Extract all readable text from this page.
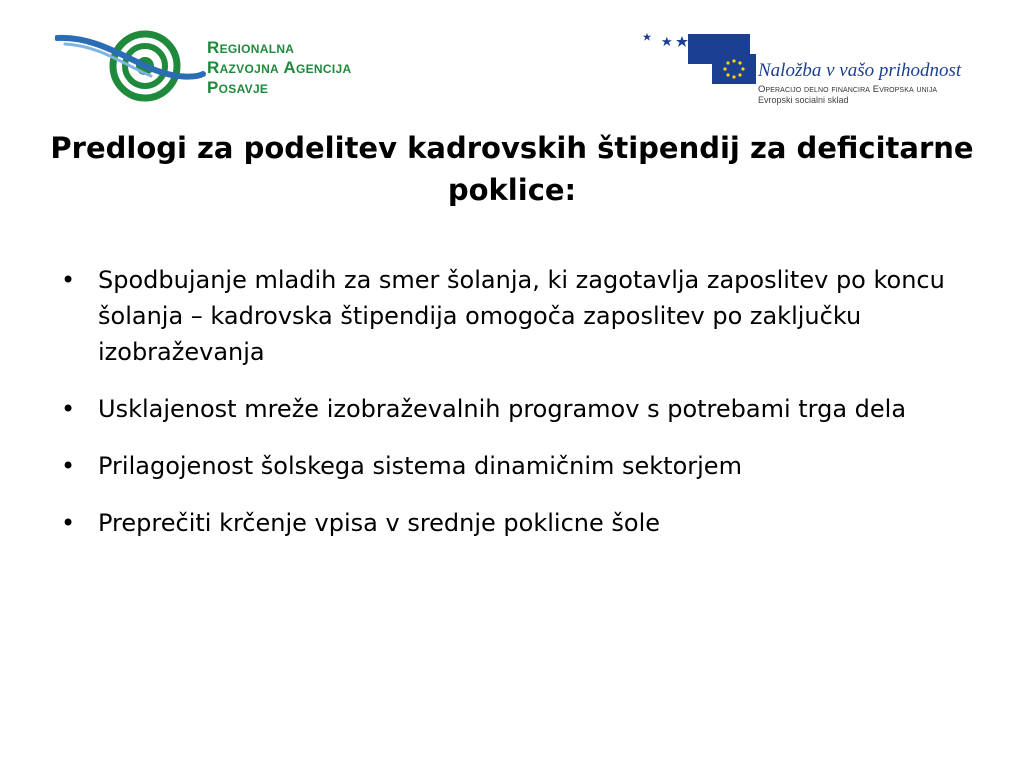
Regionalna
Razvojna Agencija
Posavje
Naložba v vašo prihodnost
Operacijo delno financira Evropska unija
Evropski socialni sklad
Predlogi za podelitev kadrovskih štipendij za deficitarne poklice:
• Spodbujanje mladih za smer šolanja, ki zagotavlja zaposlitev po koncu šolanja – kadrovska štipendija omogoča zaposlitev po zaključku izobraževanja
• Usklajenost mreže izobraževalnih programov s potrebami trga dela
• Prilagojenost šolskega sistema dinamičnim sektorjem
• Preprečiti krčenje vpisa v srednje poklicne šole
